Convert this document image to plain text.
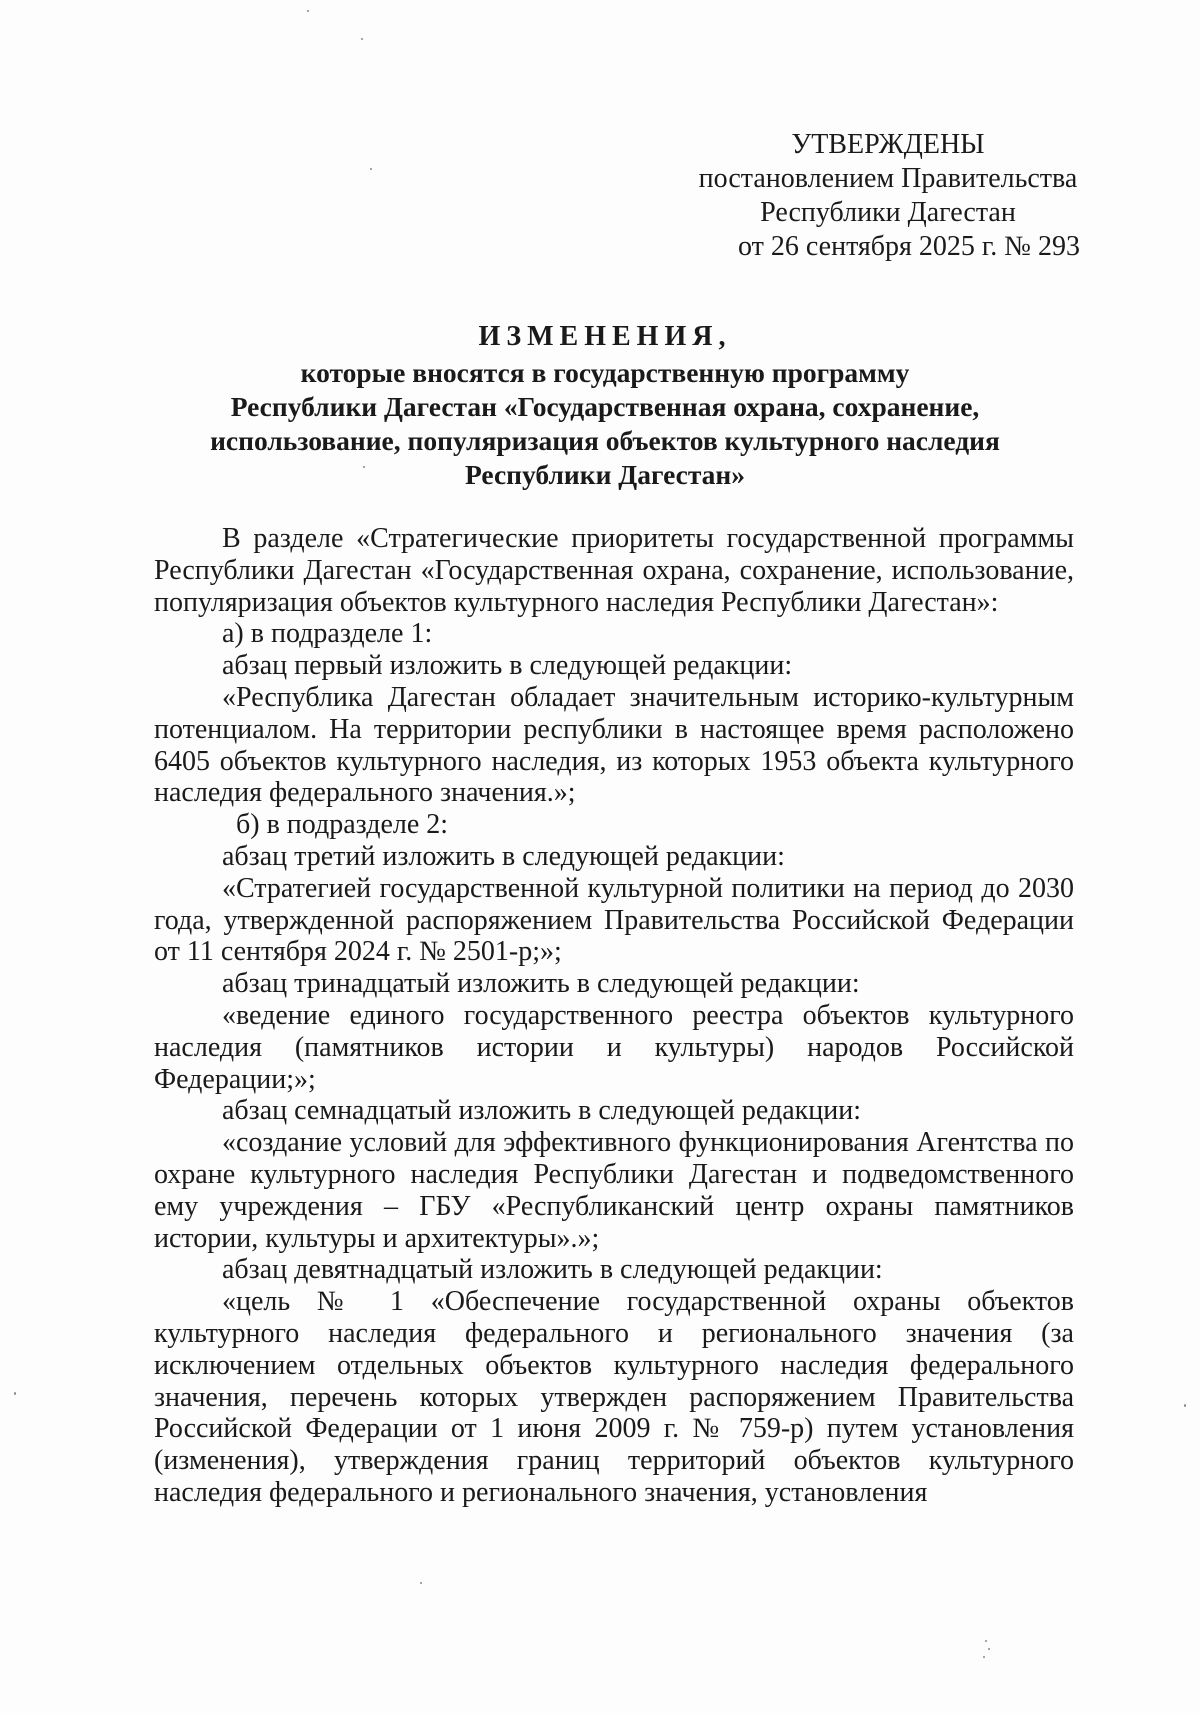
УТВЕРЖДЕНЫ
постановлением Правительства
Республики Дагестан
от 26 сентября 2025 г. № 293
ИЗМЕНЕНИЯ,
которые вносятся в государственную программу
Республики Дагестан «Государственная охрана, сохранение,
использование, популяризация объектов культурного наследия
Республики Дагестан»

В разделе «Стратегические приоритеты государственной программы Республики Дагестан «Государственная охрана, сохранение, использование, популяризация объектов культурного наследия Республики Дагестан»:

а) в подразделе 1:

абзац первый изложить в следующей редакции:

«Республика Дагестан обладает значительным историко-культурным потенциалом. На территории республики в настоящее время расположено 6405 объектов культурного наследия, из которых 1953 объекта культурного наследия федерального значения.»;

б) в подразделе 2:

абзац третий изложить в следующей редакции:

«Стратегией государственной культурной политики на период до 2030 года, утвержденной распоряжением Правительства Российской Федерации от 11 сентября 2024 г. № 2501-р;»;

абзац тринадцатый изложить в следующей редакции:

«ведение единого государственного реестра объектов культурного наследия (памятников истории и культуры) народов Российской Федерации;»;

абзац семнадцатый изложить в следующей редакции:

«создание условий для эффективного функционирования Агентства по охране культурного наследия Республики Дагестан и подведомственного ему учреждения – ГБУ «Республиканский центр охраны памятников истории, культуры и архитектуры».»;

абзац девятнадцатый изложить в следующей редакции:

«цель № 1 «Обеспечение государственной охраны объектов культурного наследия федерального и регионального значения (за исключением отдельных объектов культурного наследия федерального значения, перечень которых утвержден распоряжением Правительства Российской Федерации от 1 июня 2009 г. № 759-р) путем установления (изменения), утверждения границ территорий объектов культурного наследия федерального и регионального значения, установления
